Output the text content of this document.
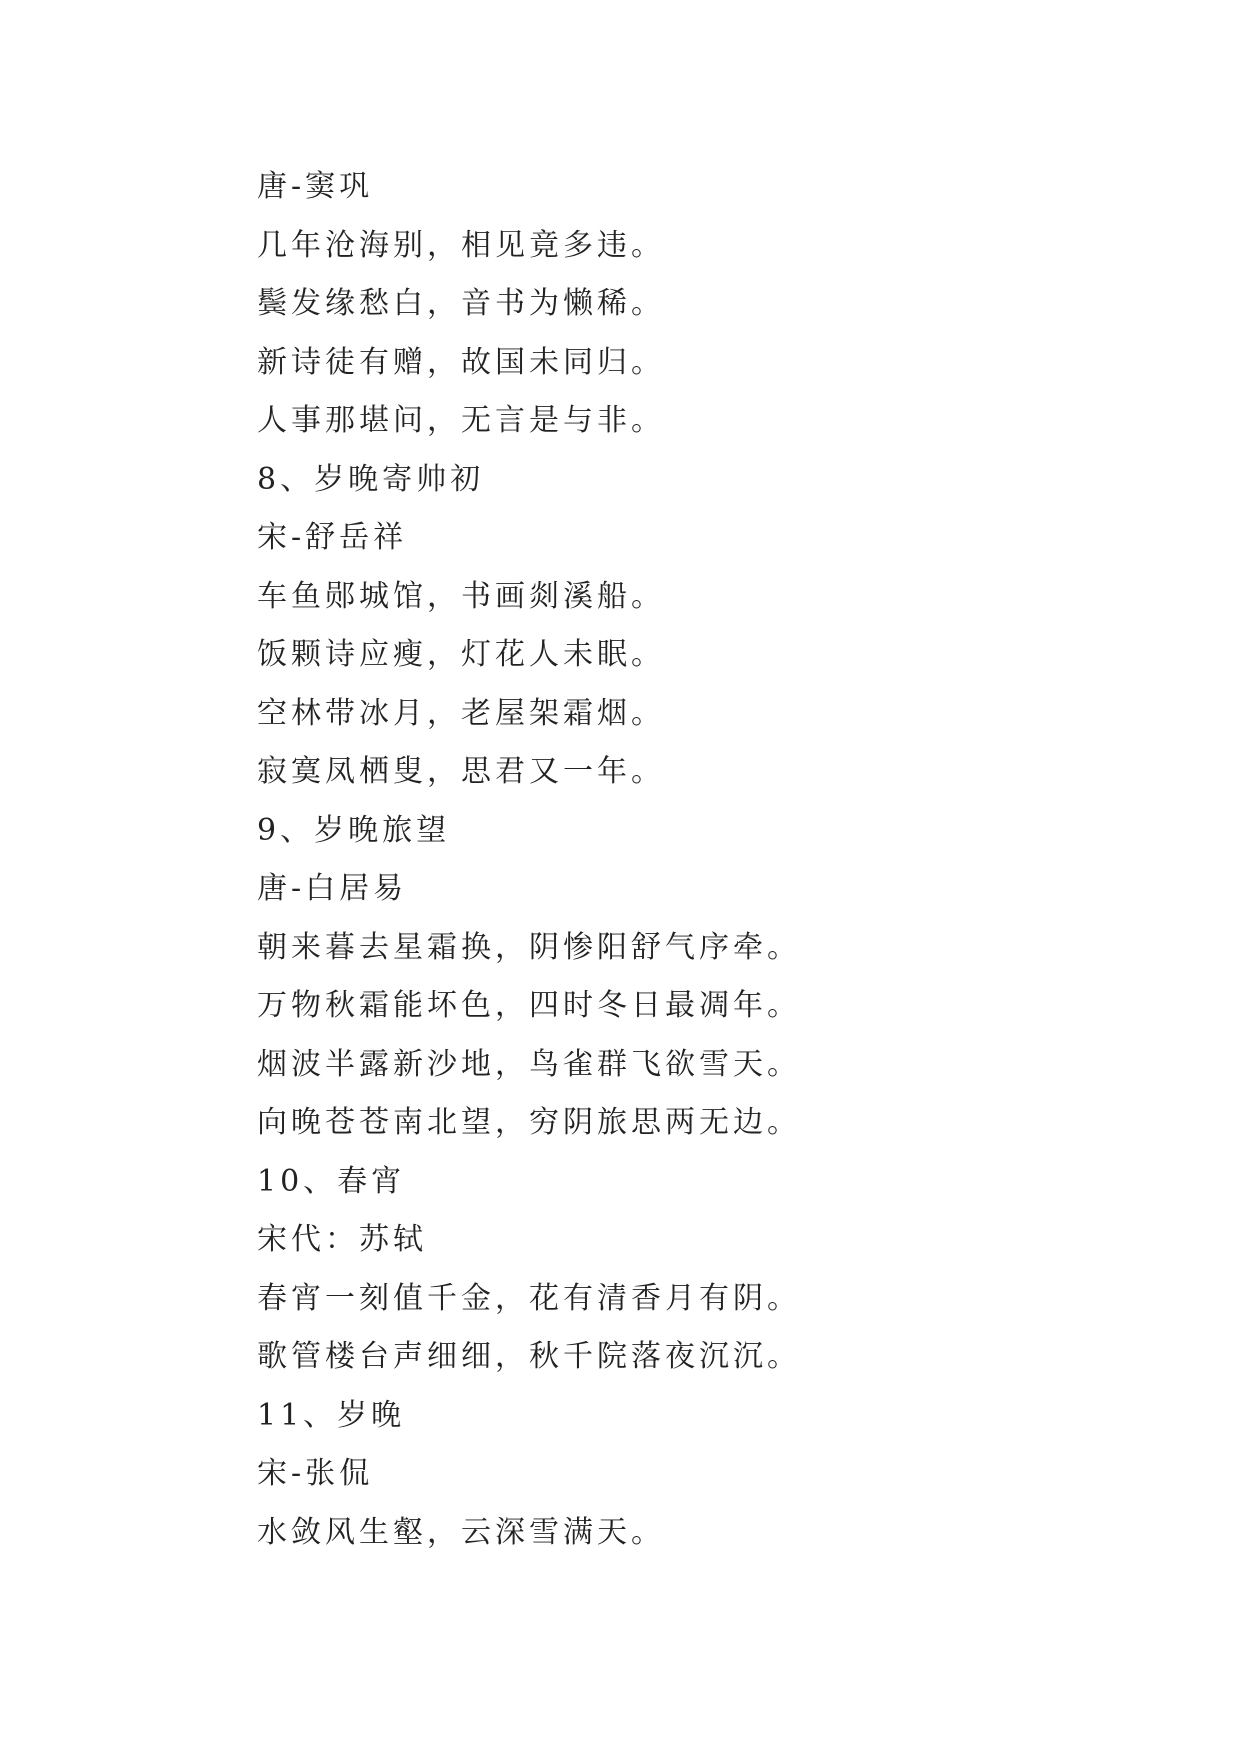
唐-窦巩
几年沧海别，相见竟多违。
鬓发缘愁白，音书为懒稀。
新诗徒有赠，故国未同归。
人事那堪问，无言是与非。
8、岁晚寄帅初
宋-舒岳祥
车鱼郧城馆，书画剡溪船。
饭颗诗应瘦，灯花人未眠。
空林带冰月，老屋架霜烟。
寂寞凤栖叟，思君又一年。
9、岁晚旅望
唐-白居易
朝来暮去星霜换，阴惨阳舒气序牵。
万物秋霜能坏色，四时冬日最凋年。
烟波半露新沙地，鸟雀群飞欲雪天。
向晚苍苍南北望，穷阴旅思两无边。
10、春宵
宋代：苏轼
春宵一刻值千金，花有清香月有阴。
歌管楼台声细细，秋千院落夜沉沉。
11、岁晚
宋-张侃
水敛风生壑，云深雪满天。
